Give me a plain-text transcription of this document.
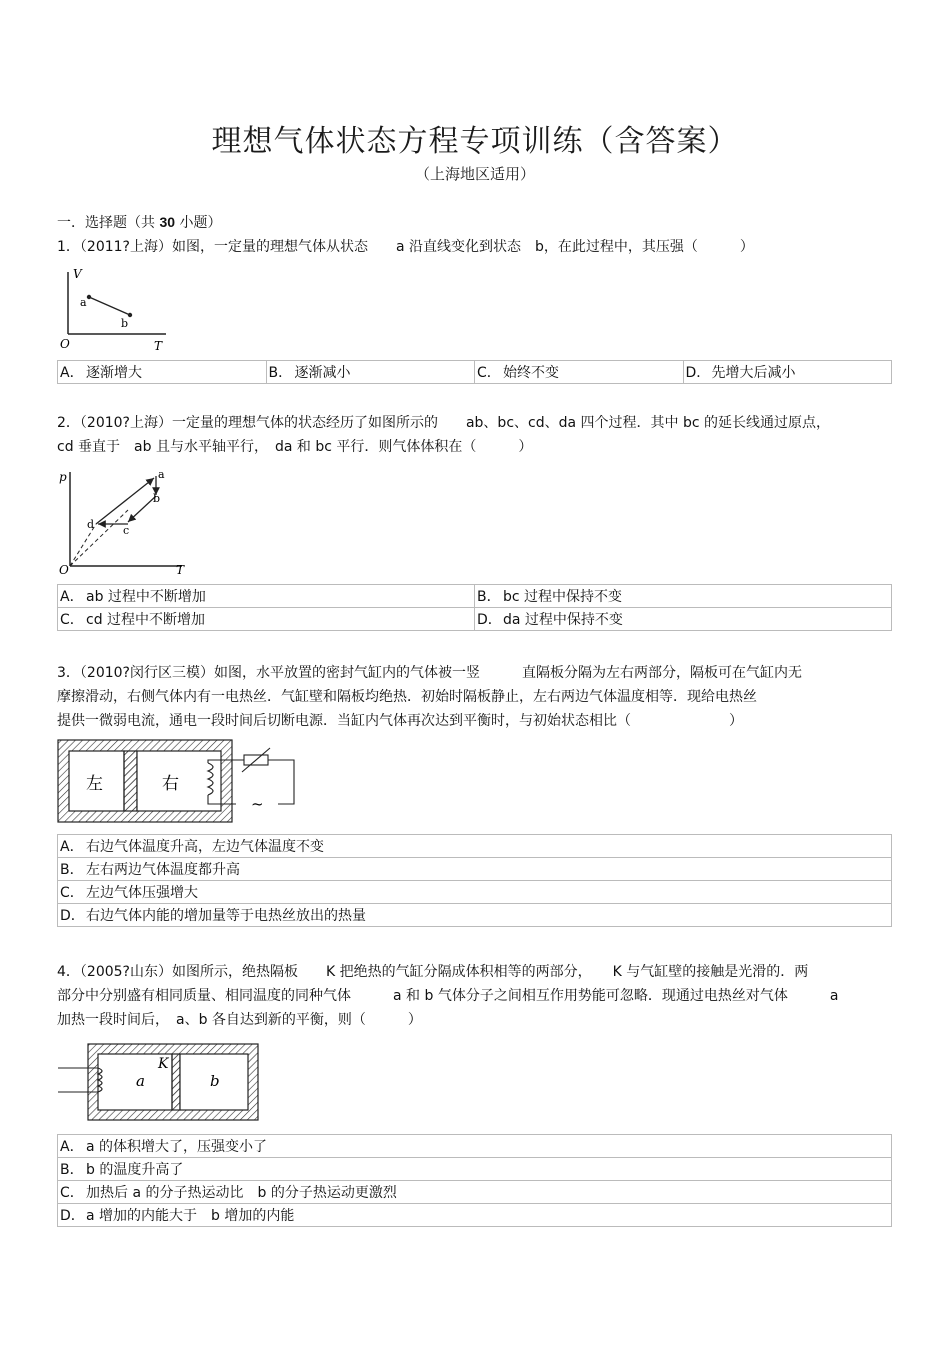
理想气体状态方程专项训练（含答案）
（上海地区适用）
一．选择题（共 30 小题）
1．（2011?上海）如图，一定量的理想气体从状态　　a 沿直线变化到状态　b，在此过程中，其压强（　　　）
V
T
O
a
b
A． 逐渐增大	B． 逐渐减小	C． 始终不变	D．先增大后减小
2．（2010?上海）一定量的理想气体的状态经历了如图所示的　　ab、bc、cd、da 四个过程．其中 bc 的延长线通过原点，
cd 垂直于　ab 且与水平轴平行，　da 和 bc 平行．则气体体积在（　　　）
p
T
O
a
b
c
d
A． ab 过程中不断增加	B． bc 过程中保持不变
C． cd 过程中不断增加	D．da 过程中保持不变
3．（2010?闵行区三模）如图，水平放置的密封气缸内的气体被一竖　　　直隔板分隔为左右两部分，隔板可在气缸内无
摩擦滑动，右侧气体内有一电热丝．气缸壁和隔板均绝热．初始时隔板静止，左右两边气体温度相等．现给电热丝
提供一微弱电流，通电一段时间后切断电源．当缸内气体再次达到平衡时，与初始状态相比（　　　　　　　）
左	右
~
A． 右边气体温度升高，左边气体温度不变
B． 左右两边气体温度都升高
C． 左边气体压强增大
D．右边气体内能的增加量等于电热丝放出的热量
4．（2005?山东）如图所示，绝热隔板　　K 把绝热的气缸分隔成体积相等的两部分，　　K 与气缸壁的接触是光滑的．两
部分中分别盛有相同质量、相同温度的同种气体　　　a 和 b 气体分子之间相互作用势能可忽略．现通过电热丝对气体　　　a
加热一段时间后，　a、b 各自达到新的平衡，则（　　　）
a
K
b
A． a 的体积增大了，压强变小了
B． b 的温度升高了
C． 加热后 a 的分子热运动比　b 的分子热运动更激烈
D．a 增加的内能大于　b 增加的内能
